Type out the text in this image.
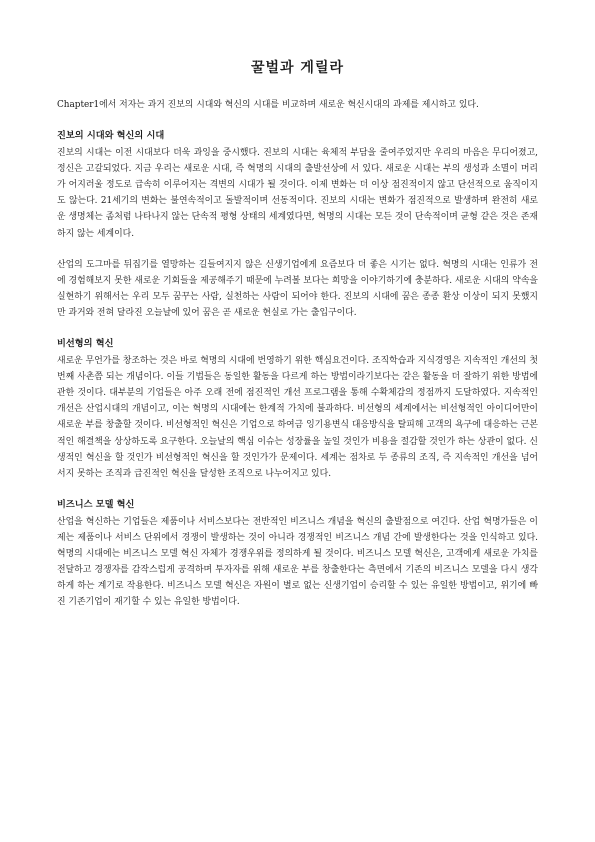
꿀벌과 게릴라

Chapter1에서 저자는 과거 진보의 시대와 혁신의 시대를 비교하며 새로운 혁신시대의 과제를 제시하고 있다.

진보의 시대와 혁신의 시대

진보의 시대는 이전 시대보다 더욱 과잉을 중시했다. 진보의 시대는 육체적 부담을 줄여주었지만 우리의 마음은 무디어졌고, 정신은 고갈되었다. 지금 우리는 새로운 시대, 즉 혁명의 시대의 출발선상에 서 있다. 새로운 시대는 부의 생성과 소멸이 머리가 어지러울 정도로 급속히 이루어지는 격변의 시대가 될 것이다. 이제 변화는 더 이상 점진적이지 않고 단선적으로 움직이지도 않는다. 21세기의 변화는 불연속적이고 돌발적이며 선동적이다. 진보의 시대는 변화가 점진적으로 발생하며 완전히 새로운 생명체는 좀처럼 나타나지 않는 단속적 평형 상태의 세계였다면, 혁명의 시대는 모든 것이 단속적이며 균형 같은 것은 존재하지 않는 세계이다.

산업의 도그마를 뒤집기를 열망하는 길들여지지 않은 신생기업에게 요즘보다 더 좋은 시기는 없다. 혁명의 시대는 인류가 전에 경험해보지 못한 새로운 기회들을 제공해주기 때문에 누려볼 보다는 희망을 이야기하기에 충분하다. 새로운 시대의 약속을 실현하기 위해서는 우리 모두 꿈꾸는 사람, 실천하는 사람이 되어야 한다. 진보의 시대에 꿈은 종종 환상 이상이 되지 못했지만 과거와 전혀 달라진 오늘날에 있어 꿈은 곧 새로운 현실로 가는 출입구이다.

비선형의 혁신

새로운 무언가를 창조하는 것은 바로 혁명의 시대에 번영하기 위한 핵심요건이다. 조직학습과 지식경영은 지속적인 개선의 첫 번째 사촌쯤 되는 개념이다. 이들 기법들은 동일한 활동을 다르게 하는 방법이라기보다는 같은 활동을 더 잘하기 위한 방법에 관한 것이다. 대부분의 기업들은 아주 오래 전에 점진적인 개선 프로그램을 통해 수확체감의 정점까지 도달하였다. 지속적인 개선은 산업시대의 개념이고, 이는 혁명의 시대에는 한계적 가치에 불과하다. 비선형의 세계에서는 비선형적인 아이디어만이 새로운 부를 창출할 것이다. 비선형적인 혁신은 기업으로 하여금 잉기용변식 대응방식을 탈피해 고객의 욕구에 대응하는 근본적인 해결책을 상상하도록 요구한다. 오늘날의 핵심 이슈는 성장률을 높일 것인가 비용을 절감할 것인가 하는 상관이 없다. 신생적인 혁신을 할 것인가 비선형적인 혁신을 할 것인가가 문제이다. 세계는 점차로 두 종류의 조직, 즉 지속적인 개선을 넘어서지 못하는 조직과 급진적인 혁신을 달성한 조직으로 나누어지고 있다.

비즈니스 모델 혁신

산업을 혁신하는 기업들은 제품이나 서비스보다는 전반적인 비즈니스 개념을 혁신의 출발점으로 여긴다. 산업 혁명가들은 이제는 제품이나 서비스 단위에서 경쟁이 발생하는 것이 아니라 경쟁적인 비즈니스 개념 간에 발생한다는 것을 인식하고 있다. 혁명의 시대에는 비즈니스 모델 혁신 자체가 경쟁우위를 정의하게 될 것이다. 비즈니스 모델 혁신은, 고객에게 새로운 가치를 전달하고 경쟁자를 감작스럽게 공격하며 투자자를 위해 새로운 부를 창출한다는 측면에서 기존의 비즈니스 모델을 다시 생각하게 하는 계기로 작용한다. 비즈니스 모델 혁신은 자원이 별로 없는 신생기업이 승리할 수 있는 유일한 방법이고, 위기에 빠진 기존기업이 재기할 수 있는 유일한 방법이다.
